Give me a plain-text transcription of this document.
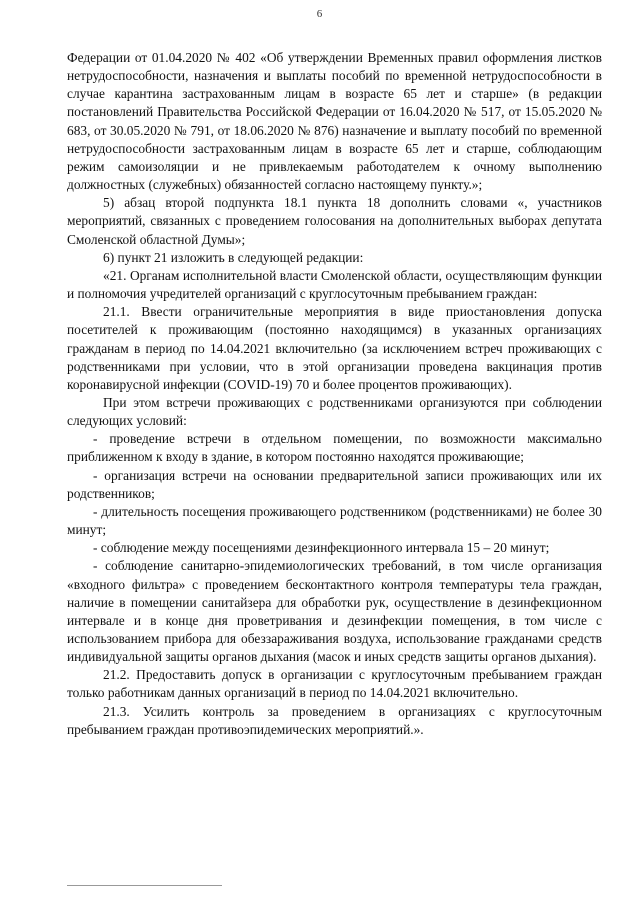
6

Федерации от 01.04.2020 № 402 «Об утверждении Временных правил оформления листков нетрудоспособности, назначения и выплаты пособий по временной нетрудоспособности в случае карантина застрахованным лицам в возрасте 65 лет и старше» (в редакции постановлений Правительства Российской Федерации от 16.04.2020 № 517, от 15.05.2020 № 683, от 30.05.2020 № 791, от 18.06.2020 № 876) назначение и выплату пособий по временной нетрудоспособности застрахованным лицам в возрасте 65 лет и старше, соблюдающим режим самоизоляции и не привлекаемым работодателем к очному выполнению должностных (служебных) обязанностей согласно настоящему пункту.»;

5) абзац второй подпункта 18.1 пункта 18 дополнить словами «, участников мероприятий, связанных с проведением голосования на дополнительных выборах депутата Смоленской областной Думы»;

6) пункт 21 изложить в следующей редакции:

«21. Органам исполнительной власти Смоленской области, осуществляющим функции и полномочия учредителей организаций с круглосуточным пребыванием граждан:

21.1. Ввести ограничительные мероприятия в виде приостановления допуска посетителей к проживающим (постоянно находящимся) в указанных организациях гражданам в период по 14.04.2021 включительно (за исключением встреч проживающих с родственниками при условии, что в этой организации проведена вакцинация против коронавирусной инфекции (COVID-19) 70 и более процентов проживающих).

При этом встречи проживающих с родственниками организуются при соблюдении следующих условий:

- проведение встречи в отдельном помещении, по возможности максимально приближенном к входу в здание, в котором постоянно находятся проживающие;

- организация встречи на основании предварительной записи проживающих или их родственников;

- длительность посещения проживающего родственником (родственниками) не более 30 минут;

- соблюдение между посещениями дезинфекционного интервала 15 – 20 минут;

- соблюдение санитарно-эпидемиологических требований, в том числе организация «входного фильтра» с проведением бесконтактного контроля температуры тела граждан, наличие в помещении санитайзера для обработки рук, осуществление в дезинфекционном интервале и в конце дня проветривания и дезинфекции помещения, в том числе с использованием прибора для обеззараживания воздуха, использование гражданами средств индивидуальной защиты органов дыхания (масок и иных средств защиты органов дыхания).

21.2. Предоставить допуск в организации с круглосуточным пребыванием граждан только работникам данных организаций в период по 14.04.2021 включительно.

21.3. Усилить контроль за проведением в организациях с круглосуточным пребыванием граждан противоэпидемических мероприятий.».
